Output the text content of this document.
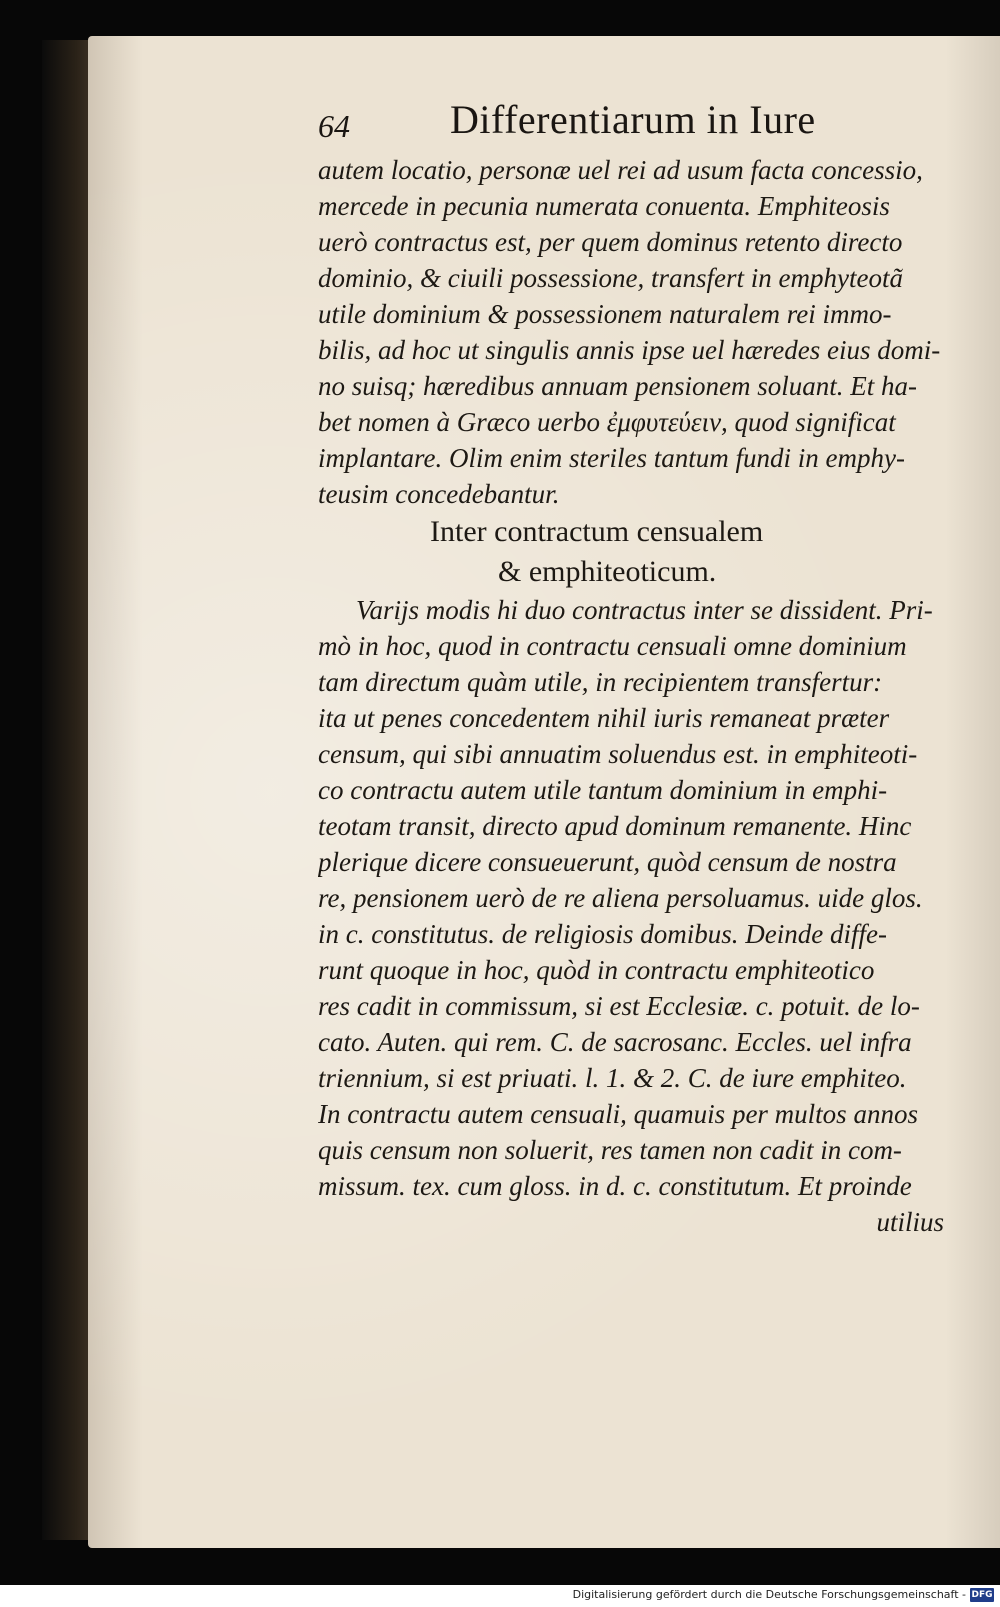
64	Differentiarum in Iure
autem locatio, personæ uel rei ad usum facta concessio,
mercede in pecunia numerata conuenta. Emphiteosis
uerò contractus est, per quem dominus retento directo
dominio, & ciuili possessione, transfert in emphyteotã
utile dominium & possessionem naturalem rei immo-
bilis, ad hoc ut singulis annis ipse uel hæredes eius domi-
no suisq; hæredibus annuam pensionem soluant. Et ha-
bet nomen à Græco uerbo ἐμφυτεύειν, quod significat
implantare. Olim enim steriles tantum fundi in emphy-
teusim concedebantur.
Inter contractum censualem
& emphiteoticum.
Varijs modis hi duo contractus inter se dissident. Pri-
mò in hoc, quod in contractu censuali omne dominium
tam directum quàm utile, in recipientem transfertur:
ita ut penes concedentem nihil iuris remaneat præter
censum, qui sibi annuatim soluendus est. in emphiteoti-
co contractu autem utile tantum dominium in emphi-
teotam transit, directo apud dominum remanente. Hinc
plerique dicere consueuerunt, quòd censum de nostra
re, pensionem uerò de re aliena persoluamus. uide glos.
in c. constitutus. de religiosis domibus. Deinde diffe-
runt quoque in hoc, quòd in contractu emphiteotico
res cadit in commissum, si est Ecclesiæ. c. potuit. de lo-
cato. Auten. qui rem. C. de sacrosanc. Eccles. uel infra
triennium, si est priuati. l. 1. & 2. C. de iure emphiteo.
In contractu autem censuali, quamuis per multos annos
quis censum non soluerit, res tamen non cadit in com-
missum. tex. cum gloss. in d. c. constitutum. Et proinde
utilius
Digitalisierung gefördert durch die Deutsche Forschungsgemeinschaft - DFG
